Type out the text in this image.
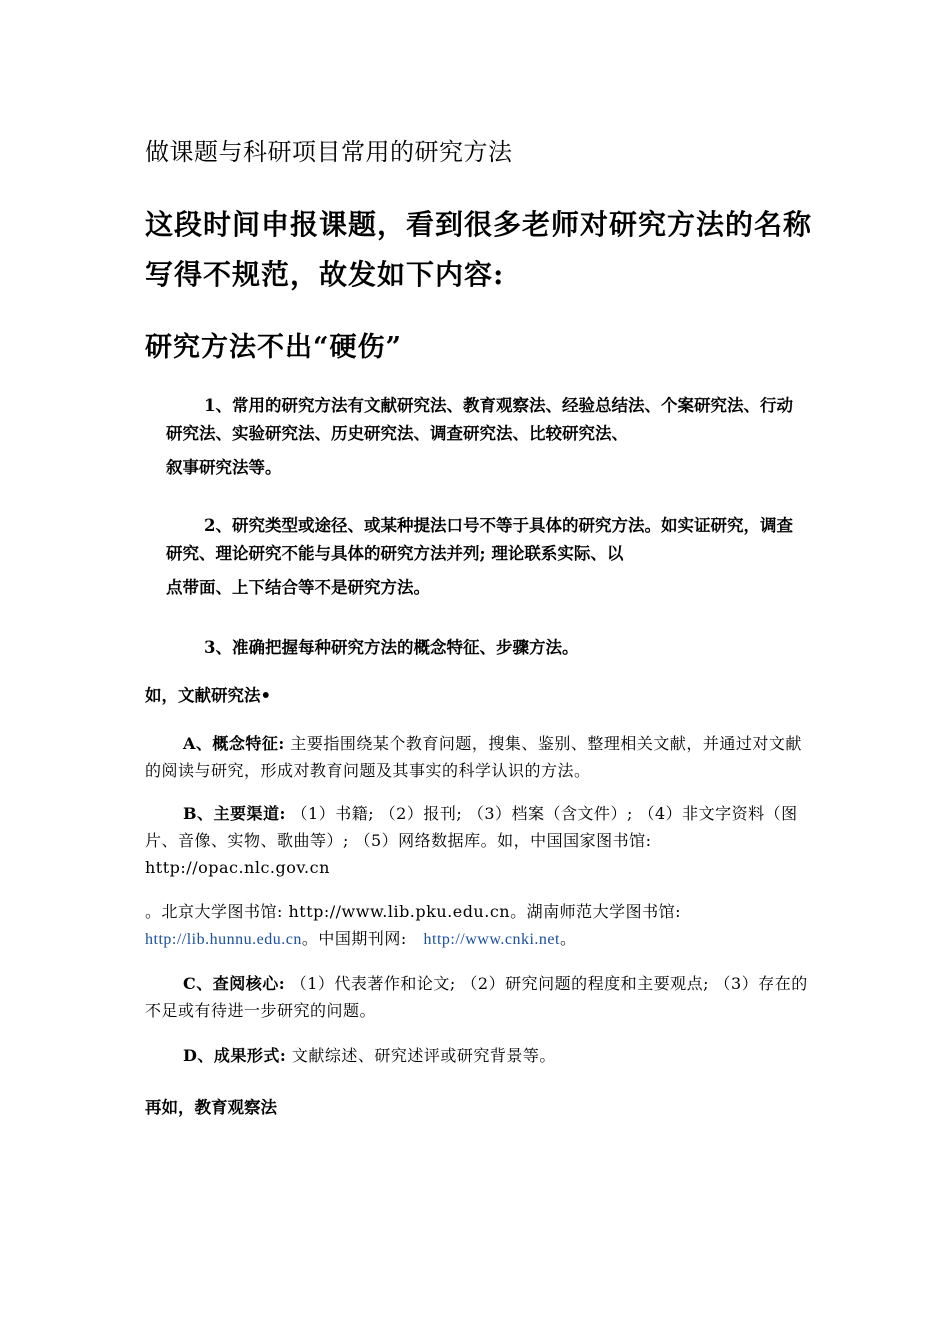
做课题与科研项目常用的研究方法
这段时间申报课题，看到很多老师对研究方法的名称写得不规范，故发如下内容:
研究方法不出“硬伤”
1、常用的研究方法有文献研究法、教育观察法、经验总结法、个案研究法、行动研究法、实验研究法、历史研究法、调查研究法、比较研究法、
叙事研究法等。
2、研究类型或途径、或某种提法口号不等于具体的研究方法。如实证研究，调查研究、理论研究不能与具体的研究方法并列; 理论联系实际、以
点带面、上下结合等不是研究方法。
3、准确把握每种研究方法的概念特征、步骤方法。
如，文献研究法•
A、概念特征: 主要指围绕某个教育问题，搜集、鉴别、整理相关文献，并通过对文献的阅读与研究，形成对教育问题及其事实的科学认识的方法。
B、主要渠道: （1）书籍; （2）报刊; （3）档案（含文件）; （4）非文字资料（图片、音像、实物、歌曲等）; （5）网络数据库。如，中国国家图书馆: http://opac.nlc.gov.cn
。北京大学图书馆: http://www.lib.pku.edu.cn。湖南师范大学图书馆:
http://lib.hunnu.edu.cn。中国期刊网: http://www.cnki.net。
C、查阅核心: （1）代表著作和论文; （2）研究问题的程度和主要观点; （3）存在的不足或有待进一步研究的问题。
D、成果形式: 文献综述、研究述评或研究背景等。
再如，教育观察法
